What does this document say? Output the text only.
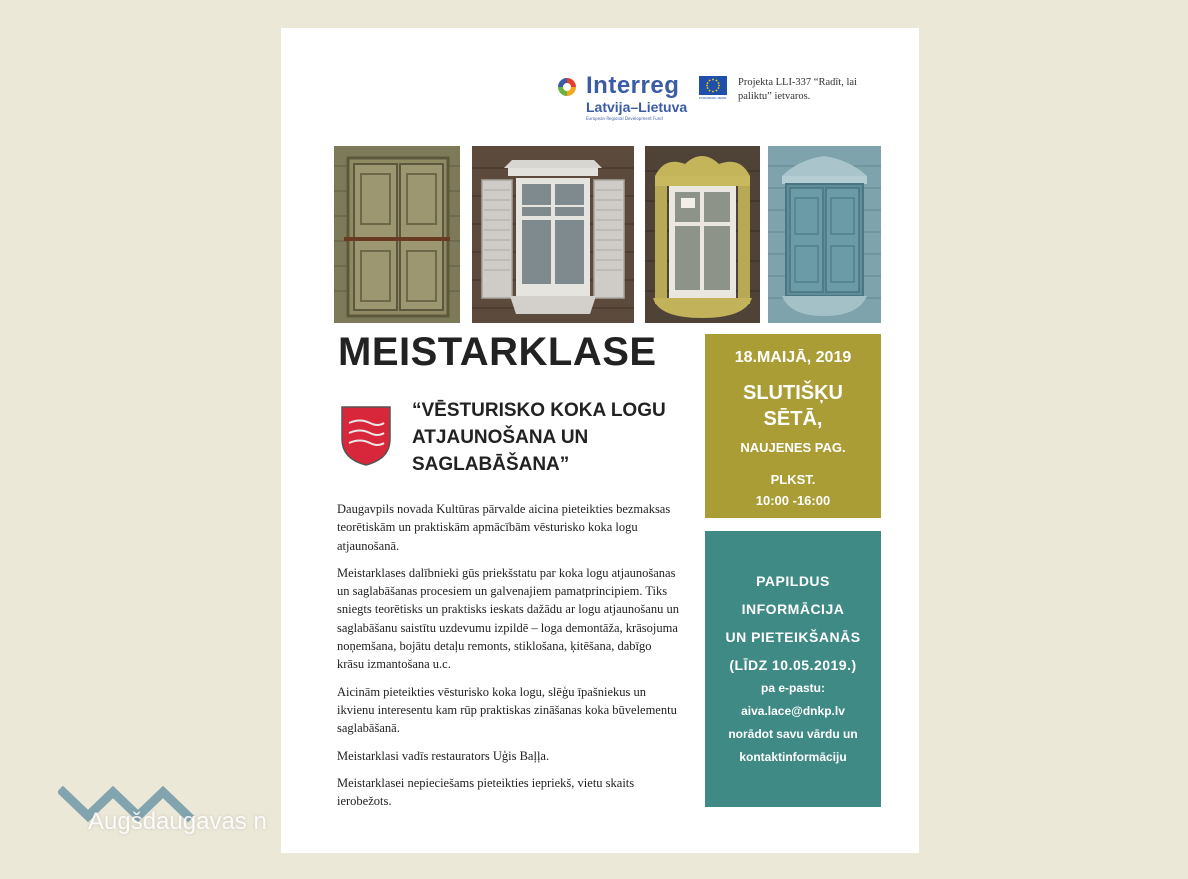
Interreg
Latvija–Lietuva
European Regional Development Fund
EUROPEAN UNION
Projekta LLI-337 “Radīt, lai paliktu” ietvaros.
MEISTARKLASE
“VĒSTURISKO KOKA LOGU ATJAUNOŠANA UN SAGLABĀŠANA”

Daugavpils novada Kultūras pārvalde aicina pieteikties bezmaksas teorētiskām un praktiskām apmācībām vēsturisko koka logu atjaunošanā.

Meistarklases dalībnieki gūs priekšstatu par koka logu atjaunošanas un saglabāšanas procesiem un galvenajiem pamatprincipiem. Tiks sniegts teorētisks un praktisks ieskats dažādu ar logu atjaunošanu un saglabāšanu saistītu uzdevumu izpildē – loga demontāža, krāsojuma noņemšana, bojātu detaļu remonts, stiklošana, ķitēšana, dabīgo krāsu izmantošana u.c.

Aicinām pieteikties vēsturisko koka logu, slēģu īpašniekus un ikvienu interesentu kam rūp praktiskas zināšanas koka būvelementu saglabāšanā.

Meistarklasi vadīs restaurators Uģis Baļļa.

Meistarklasei nepieciešams pieteikties iepriekš, vietu skaits ierobežots.

18.MAIJĀ, 2019
SLUTIŠĶU
SĒTĀ,
NAUJENES PAG.
PLKST.
10:00 -16:00
PAPILDUS
INFORMĀCIJA
UN PIETEIKŠANĀS
(LĪDZ 10.05.2019.)
pa e-pastu:
aiva.lace@dnkp.lv
norādot savu vārdu un
kontaktinformāciju
Augšdaugavas n
